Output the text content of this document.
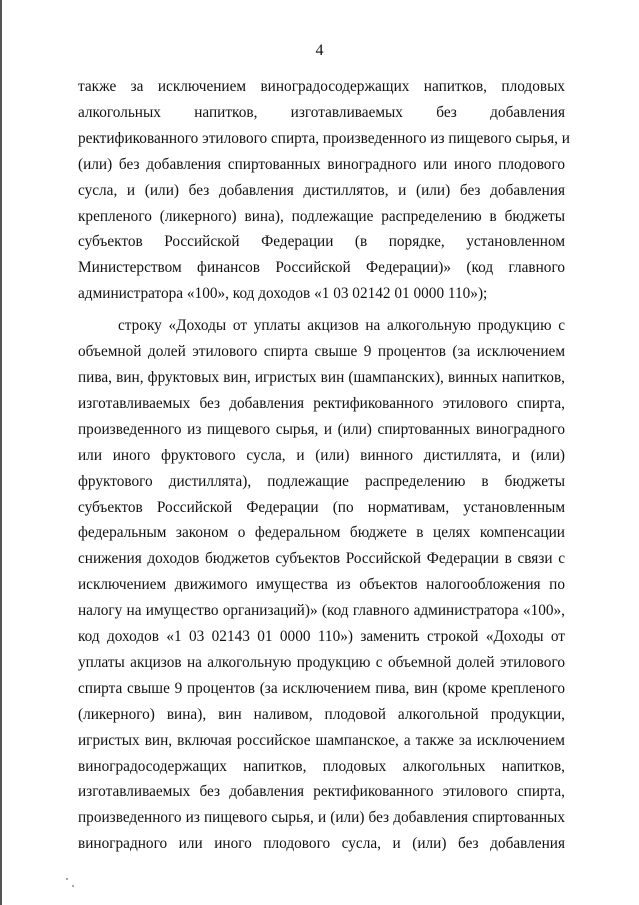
4
также за исключением виноградосодержащих напитков, плодовых
алкогольных напитков, изготавливаемых без добавления
ректификованного этилового спирта, произведенного из пищевого сырья, и
(или) без добавления спиртованных виноградного или иного плодового
сусла, и (или) без добавления дистиллятов, и (или) без добавления
крепленого (ликерного) вина), подлежащие распределению в бюджеты
субъектов Российской Федерации (в порядке, установленном
Министерством финансов Российской Федерации)» (код главного
администратора «100», код доходов «1 03 02142 01 0000 110»);
строку «Доходы от уплаты акцизов на алкогольную продукцию с
объемной долей этилового спирта свыше 9 процентов (за исключением
пива, вин, фруктовых вин, игристых вин (шампанских), винных напитков,
изготавливаемых без добавления ректификованного этилового спирта,
произведенного из пищевого сырья, и (или) спиртованных виноградного
или иного фруктового сусла, и (или) винного дистиллята, и (или)
фруктового дистиллята), подлежащие распределению в бюджеты
субъектов Российской Федерации (по нормативам, установленным
федеральным законом о федеральном бюджете в целях компенсации
снижения доходов бюджетов субъектов Российской Федерации в связи с
исключением движимого имущества из объектов налогообложения по
налогу на имущество организаций)» (код главного администратора «100»,
код доходов «1 03 02143 01 0000 110») заменить строкой «Доходы от
уплаты акцизов на алкогольную продукцию с объемной долей этилового
спирта свыше 9 процентов (за исключением пива, вин (кроме крепленого
(ликерного) вина), вин наливом, плодовой алкогольной продукции,
игристых вин, включая российское шампанское, а также за исключением
виноградосодержащих напитков, плодовых алкогольных напитков,
изготавливаемых без добавления ректификованного этилового спирта,
произведенного из пищевого сырья, и (или) без добавления спиртованных
виноградного или иного плодового сусла, и (или) без добавления
